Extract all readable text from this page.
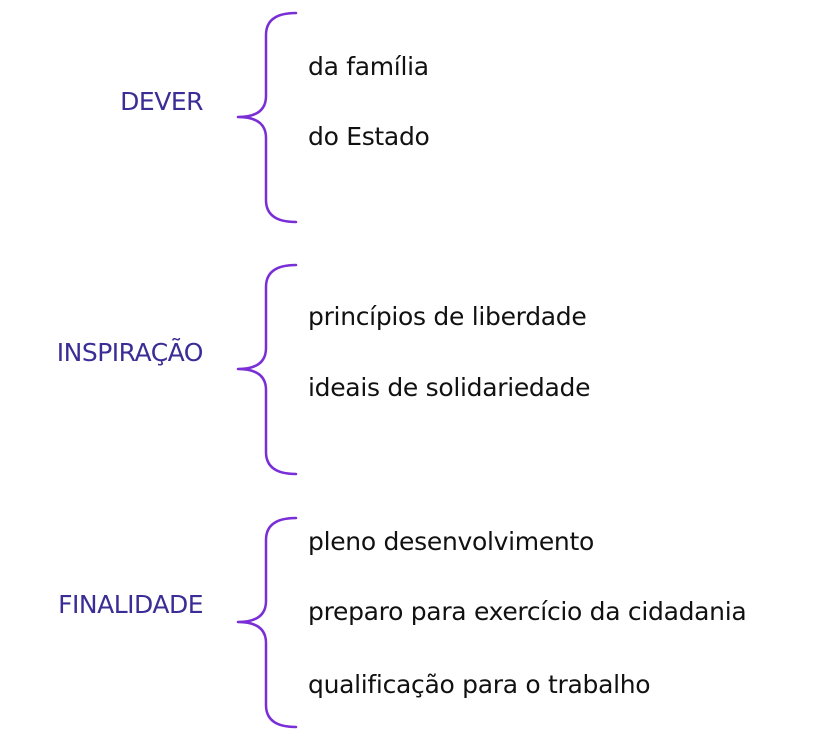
DEVER
da família
do Estado
INSPIRAÇÃO
princípios de liberdade
ideais de solidariedade
FINALIDADE
pleno desenvolvimento
preparo para exercício da cidadania
qualificação para o trabalho
